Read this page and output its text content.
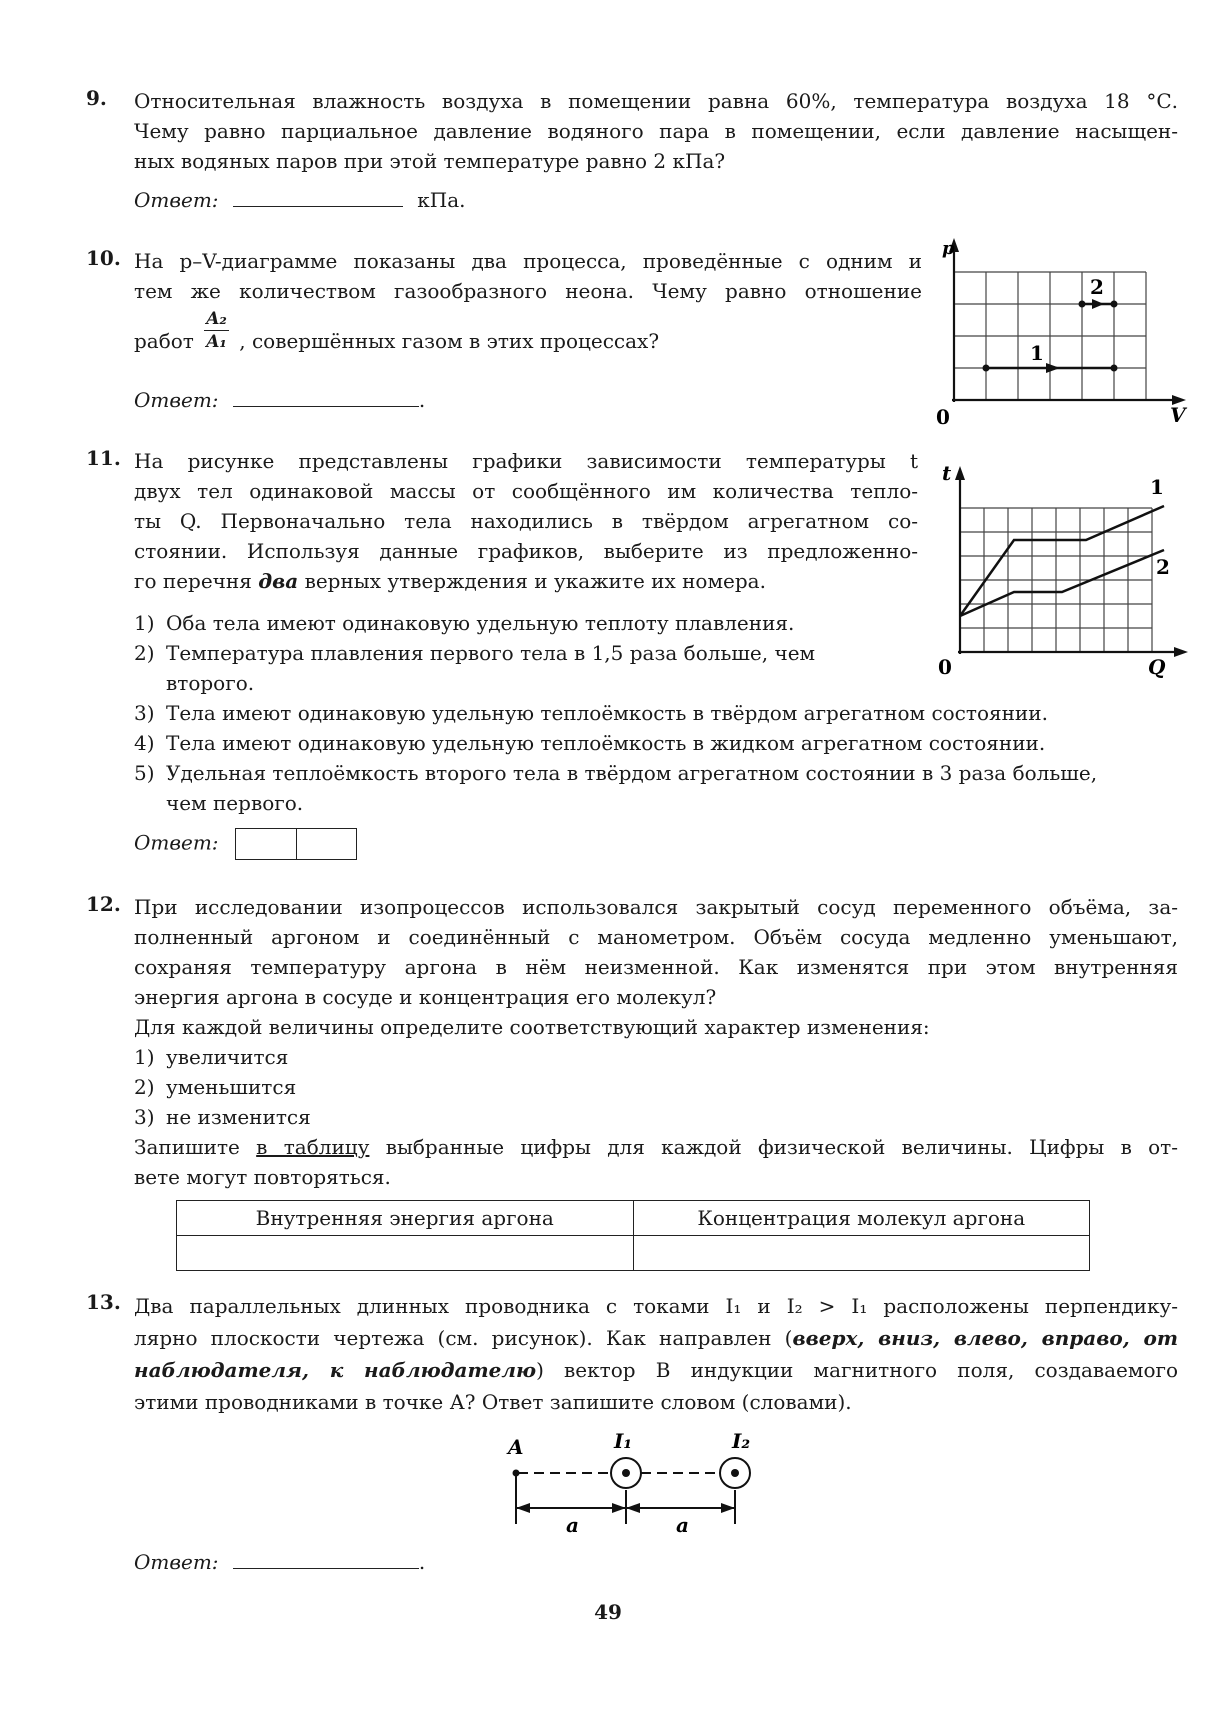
9.	Относительная влажность воздуха в помещении равна 60%, температура воздуха 18 °С.
Чему равно парциальное давление водяного пара в помещении, если давление насыщен-
ных водяных паров при этой температуре равно 2 кПа?
Ответ:	кПа.
10. На p–V-диаграмме показаны два процесса, проведённые с одним и
тем же количеством газообразного неона. Чему равно отношение
работ $\frac{\text{A₂}}{\text{A₁}}$ , совершённых газом в этих процессах?
Ответ:	.
p
V
0
1
2
11. На рисунке представлены графики зависимости температуры t
двух тел одинаковой массы от сообщённого им количества тепло-
ты Q. Первоначально тела находились в твёрдом агрегатном со-
стоянии. Используя данные графиков, выберите из предложенно-
го перечня два верных утверждения и укажите их номера.
1) Оба тела имеют одинаковую удельную теплоту плавления.
2) Температура плавления первого тела в 1,5 раза больше, чем
второго.
3) Тела имеют одинаковую удельную теплоёмкость в твёрдом агрегатном состоянии.
4) Тела имеют одинаковую удельную теплоёмкость в жидком агрегатном состоянии.
5) Удельная теплоёмкость второго тела в твёрдом агрегатном состоянии в 3 раза больше,
чем первого.
Ответ:
t
Q
0
1
2
12. При исследовании изопроцессов использовался закрытый сосуд переменного объёма, за-
полненный аргоном и соединённый с манометром. Объём сосуда медленно уменьшают,
сохраняя температуру аргона в нём неизменной. Как изменятся при этом внутренняя
энергия аргона в сосуде и концентрация его молекул?
Для каждой величины определите соответствующий характер изменения:
1) увеличится
2) уменьшится
3) не изменится
Запишите в таблицу выбранные цифры для каждой физической величины. Цифры в от-
вете могут повторяться.
Внутренняя энергия аргона	Концентрация молекул аргона

13. Два параллельных длинных проводника с токами I₁ и I₂ > I₁ расположены перпендику-
лярно плоскости чертежа (см. рисунок). Как направлен (вверх, вниз, влево, вправо, от
наблюдателя, к наблюдателю) вектор B индукции магнитного поля, создаваемого
этими проводниками в точке А? Ответ запишите словом (словами).
Ответ:	.
A	I₁	I₂
a	a
49
